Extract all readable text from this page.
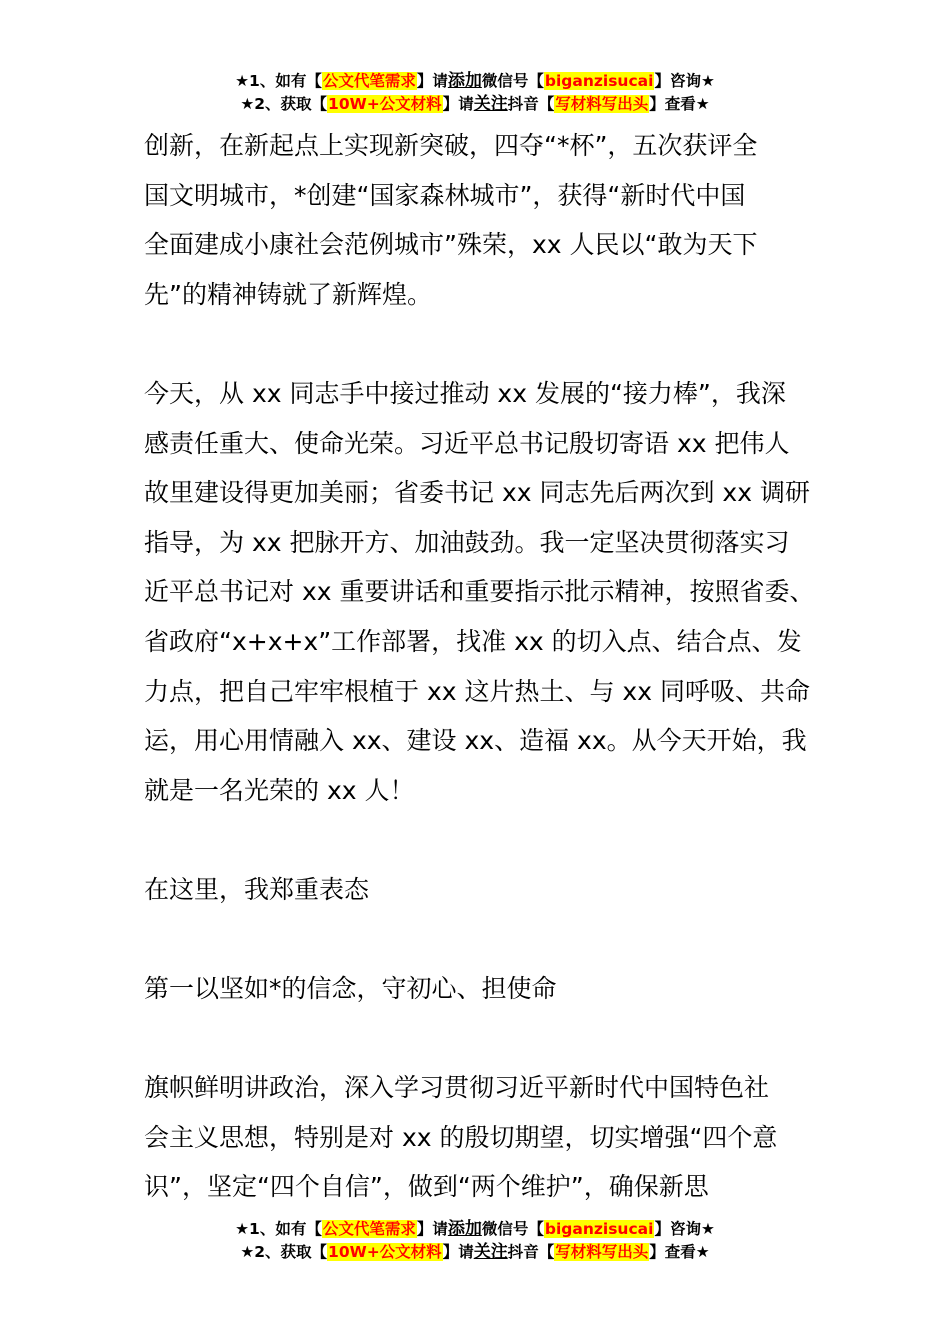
★1、如有【公文代笔需求】请添加微信号【biganzisucai】咨询★
★2、获取【10W+公文材料】请关注抖音【写材料写出头】查看★
创新，在新起点上实现新突破，四夺“*杯”，五次获评全
国文明城市，*创建“国家森林城市”，获得“新时代中国
全面建成小康社会范例城市”殊荣，xx 人民以“敢为天下
先”的精神铸就了新辉煌。
今天，从 xx 同志手中接过推动 xx 发展的“接力棒”，我深
感责任重大、使命光荣。习近平总书记殷切寄语 xx 把伟人
故里建设得更加美丽；省委书记 xx 同志先后两次到 xx 调研
指导，为 xx 把脉开方、加油鼓劲。我一定坚决贯彻落实习
近平总书记对 xx 重要讲话和重要指示批示精神，按照省委、
省政府“x+x+x”工作部署，找准 xx 的切入点、结合点、发
力点，把自己牢牢根植于 xx 这片热土、与 xx 同呼吸、共命
运，用心用情融入 xx、建设 xx、造福 xx。从今天开始，我
就是一名光荣的 xx 人！
在这里，我郑重表态
第一以坚如*的信念，守初心、担使命
旗帜鲜明讲政治，深入学习贯彻习近平新时代中国特色社
会主义思想，特别是对 xx 的殷切期望，切实增强“四个意
识”，坚定“四个自信”，做到“两个维护”，确保新思
★1、如有【公文代笔需求】请添加微信号【biganzisucai】咨询★
★2、获取【10W+公文材料】请关注抖音【写材料写出头】查看★
